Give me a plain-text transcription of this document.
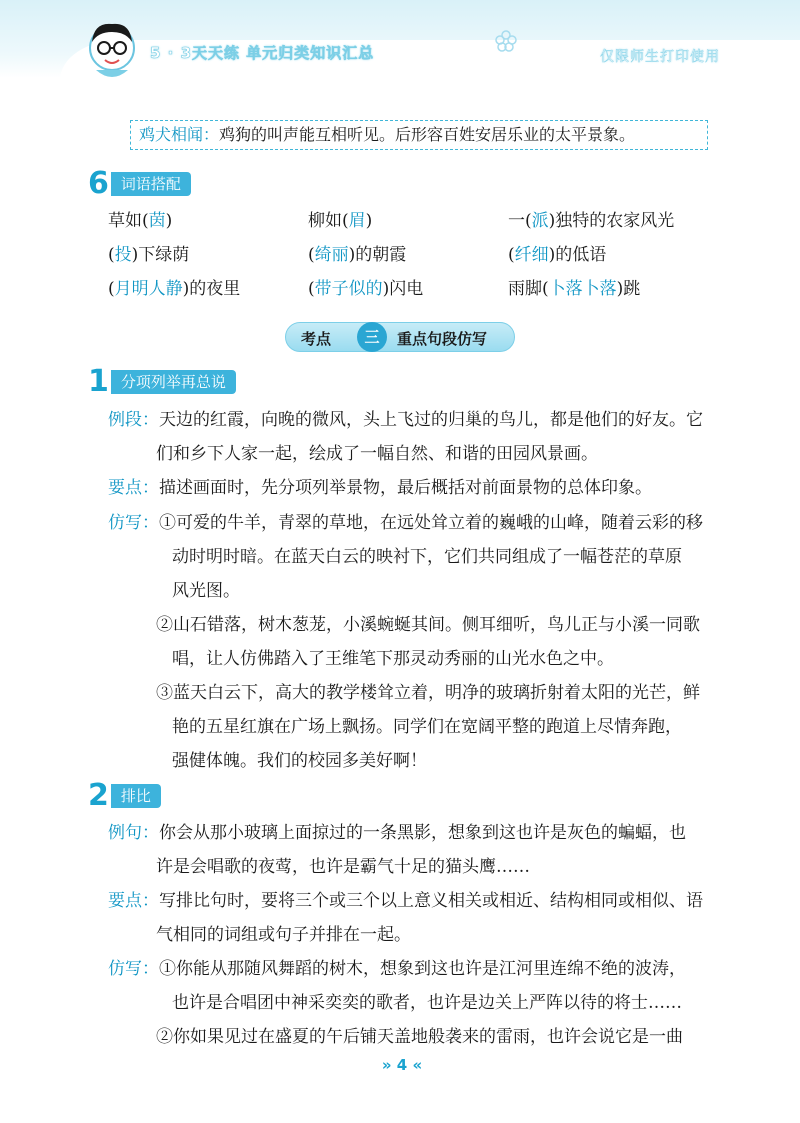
5 · 3天天练 单元归类知识汇总	仅限师生打印使用
鸡犬相闻：鸡狗的叫声能互相听见。后形容百姓安居乐业的太平景象。
6 词语搭配
草如(茵)	柳如(眉)	一(派)独特的农家风光
(投)下绿荫	(绮丽)的朝霞	(纤细)的低语
(月明人静)的夜里	(带子似的)闪电	雨脚(卜落卜落)跳
考点	三	重点句段仿写
1 分项列举再总说
例段：天边的红霞，向晚的微风，头上飞过的归巢的鸟儿，都是他们的好友。它
们和乡下人家一起，绘成了一幅自然、和谐的田园风景画。
要点：描述画面时，先分项列举景物，最后概括对前面景物的总体印象。
仿写：①可爱的牛羊，青翠的草地，在远处耸立着的巍峨的山峰，随着云彩的移
动时明时暗。在蓝天白云的映衬下，它们共同组成了一幅苍茫的草原
风光图。
②山石错落，树木葱茏，小溪蜿蜒其间。侧耳细听，鸟儿正与小溪一同歌
唱，让人仿佛踏入了王维笔下那灵动秀丽的山光水色之中。
③蓝天白云下，高大的教学楼耸立着，明净的玻璃折射着太阳的光芒，鲜
艳的五星红旗在广场上飘扬。同学们在宽阔平整的跑道上尽情奔跑，
强健体魄。我们的校园多美好啊！
2 排比
例句：你会从那小玻璃上面掠过的一条黑影，想象到这也许是灰色的蝙蝠，也
许是会唱歌的夜莺，也许是霸气十足的猫头鹰……
要点：写排比句时，要将三个或三个以上意义相关或相近、结构相同或相似、语
气相同的词组或句子并排在一起。
仿写：①你能从那随风舞蹈的树木，想象到这也许是江河里连绵不绝的波涛，
也许是合唱团中神采奕奕的歌者，也许是边关上严阵以待的将士……
②你如果见过在盛夏的午后铺天盖地般袭来的雷雨，也许会说它是一曲
» 4 «
